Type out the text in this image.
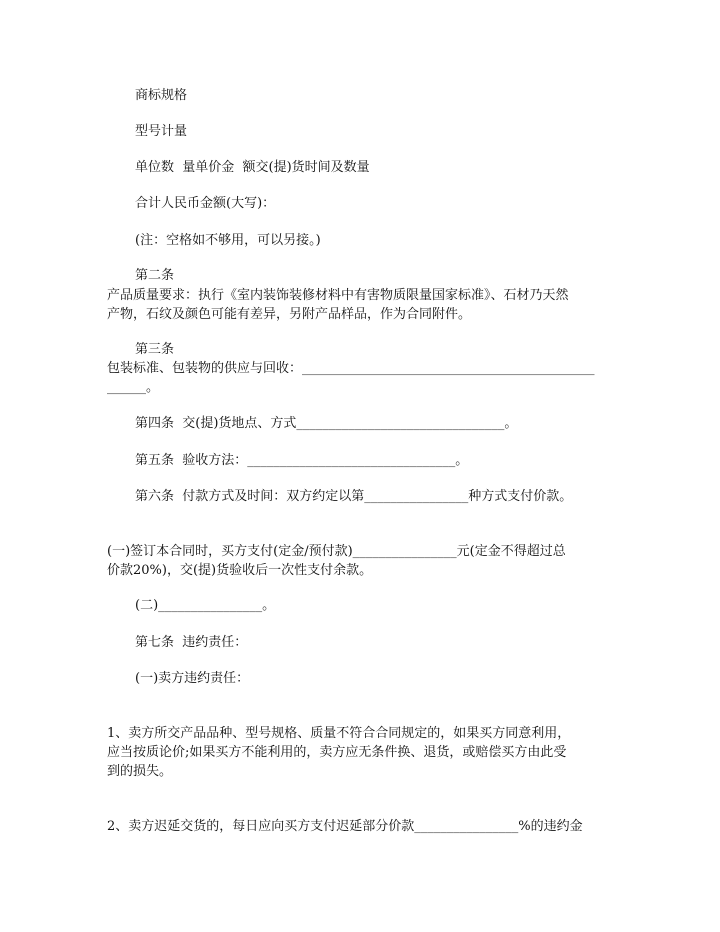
商标规格
型号计量
单位数  量单价金  额交(提)货时间及数量
合计人民币金额(大写)：
(注：空格如不够用，可以另接。)
第二条
产品质量要求：执行《室内装饰装修材料中有害物质限量国家标准》、石材乃天然
产物，石纹及颜色可能有差异，另附产品样品，作为合同附件。
第三条
包装标准、包装物的供应与回收：_____________________________________________
______。
第四条  交(提)货地点、方式________________________________。
第五条  验收方法：________________________________。
第六条  付款方式及时间：双方约定以第________________种方式支付价款。
(一)签订本合同时，买方支付(定金/预付款)________________元(定金不得超过总
价款20%)，交(提)货验收后一次性支付余款。
(二)________________。
第七条  违约责任：
(一)卖方违约责任：
1、卖方所交产品品种、型号规格、质量不符合合同规定的，如果买方同意利用，
应当按质论价;如果买方不能利用的，卖方应无条件换、退货，或赔偿买方由此受
到的损失。
2、卖方迟延交货的，每日应向买方支付迟延部分价款________________%的违约金
